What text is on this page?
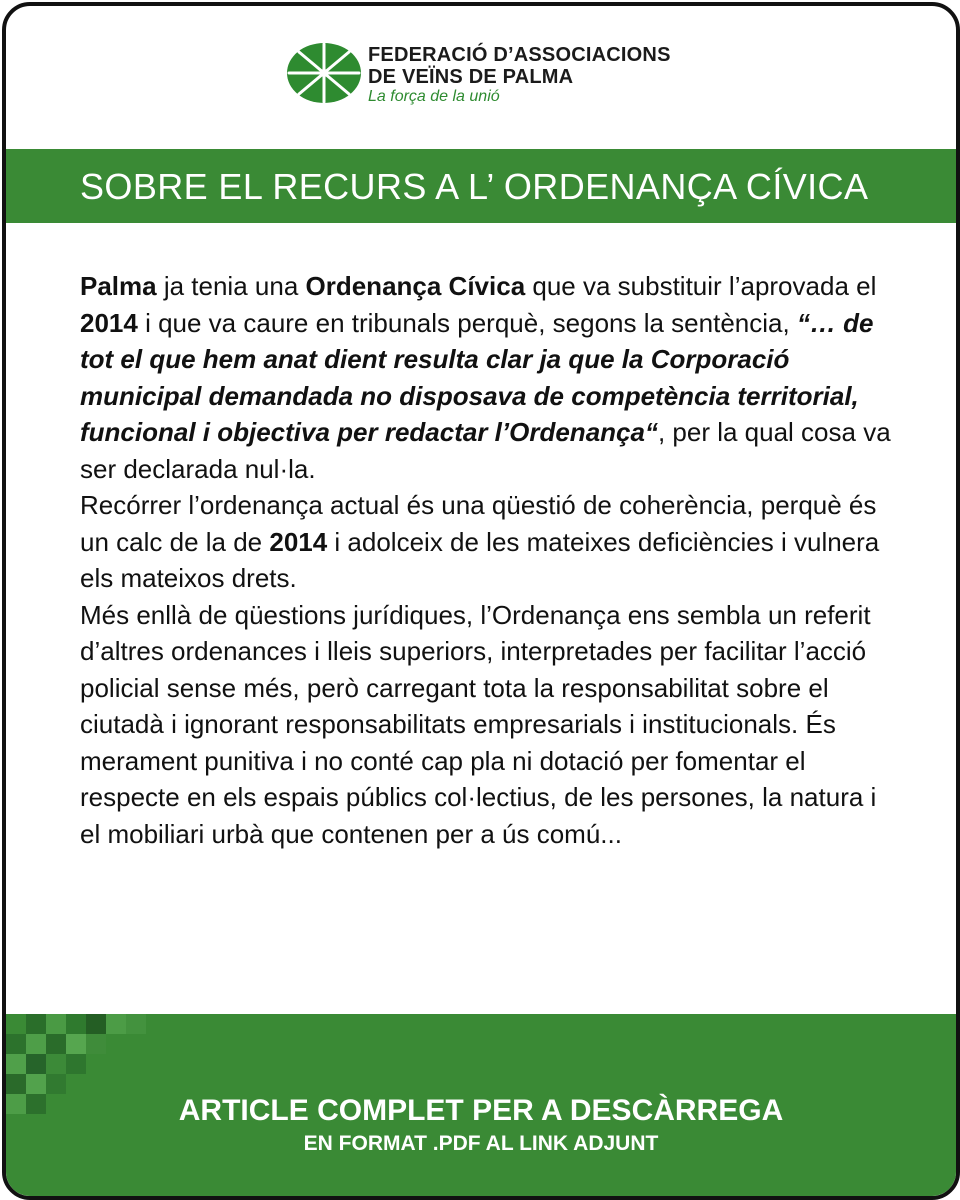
FEDERACIÓ D’ASSOCIACIONS
DE VEÏNS DE PALMA
La força de la unió
SOBRE EL RECURS A L’ ORDENANÇA CÍVICA

Palma ja tenia una Ordenança Cívica que va substituir l’aprovada el 2014 i que va caure en tribunals perquè, segons la sentència, “… de tot el que hem anat dient resulta clar ja que la Corporació municipal demandada no disposava de competència territorial, funcional i objectiva per redactar l’Ordenança“, per la qual cosa va ser declarada nul·la.

Recórrer l’ordenança actual és una qüestió de coherència, perquè és un calc de la de 2014 i adolceix de les mateixes deficiències i vulnera els mateixos drets.

Més enllà de qüestions jurídiques, l’Ordenança ens sembla un referit d’altres ordenances i lleis superiors, interpretades per facilitar l’acció policial sense més, però carregant tota la responsabilitat sobre el ciutadà i ignorant responsabilitats empresarials i institucionals. És merament punitiva i no conté cap pla ni dotació per fomentar el respecte en els espais públics col·lectius, de les persones, la natura i el mobiliari urbà que contenen per a ús comú...

ARTICLE COMPLET PER A DESCÀRREGA
EN FORMAT .PDF AL LINK ADJUNT
